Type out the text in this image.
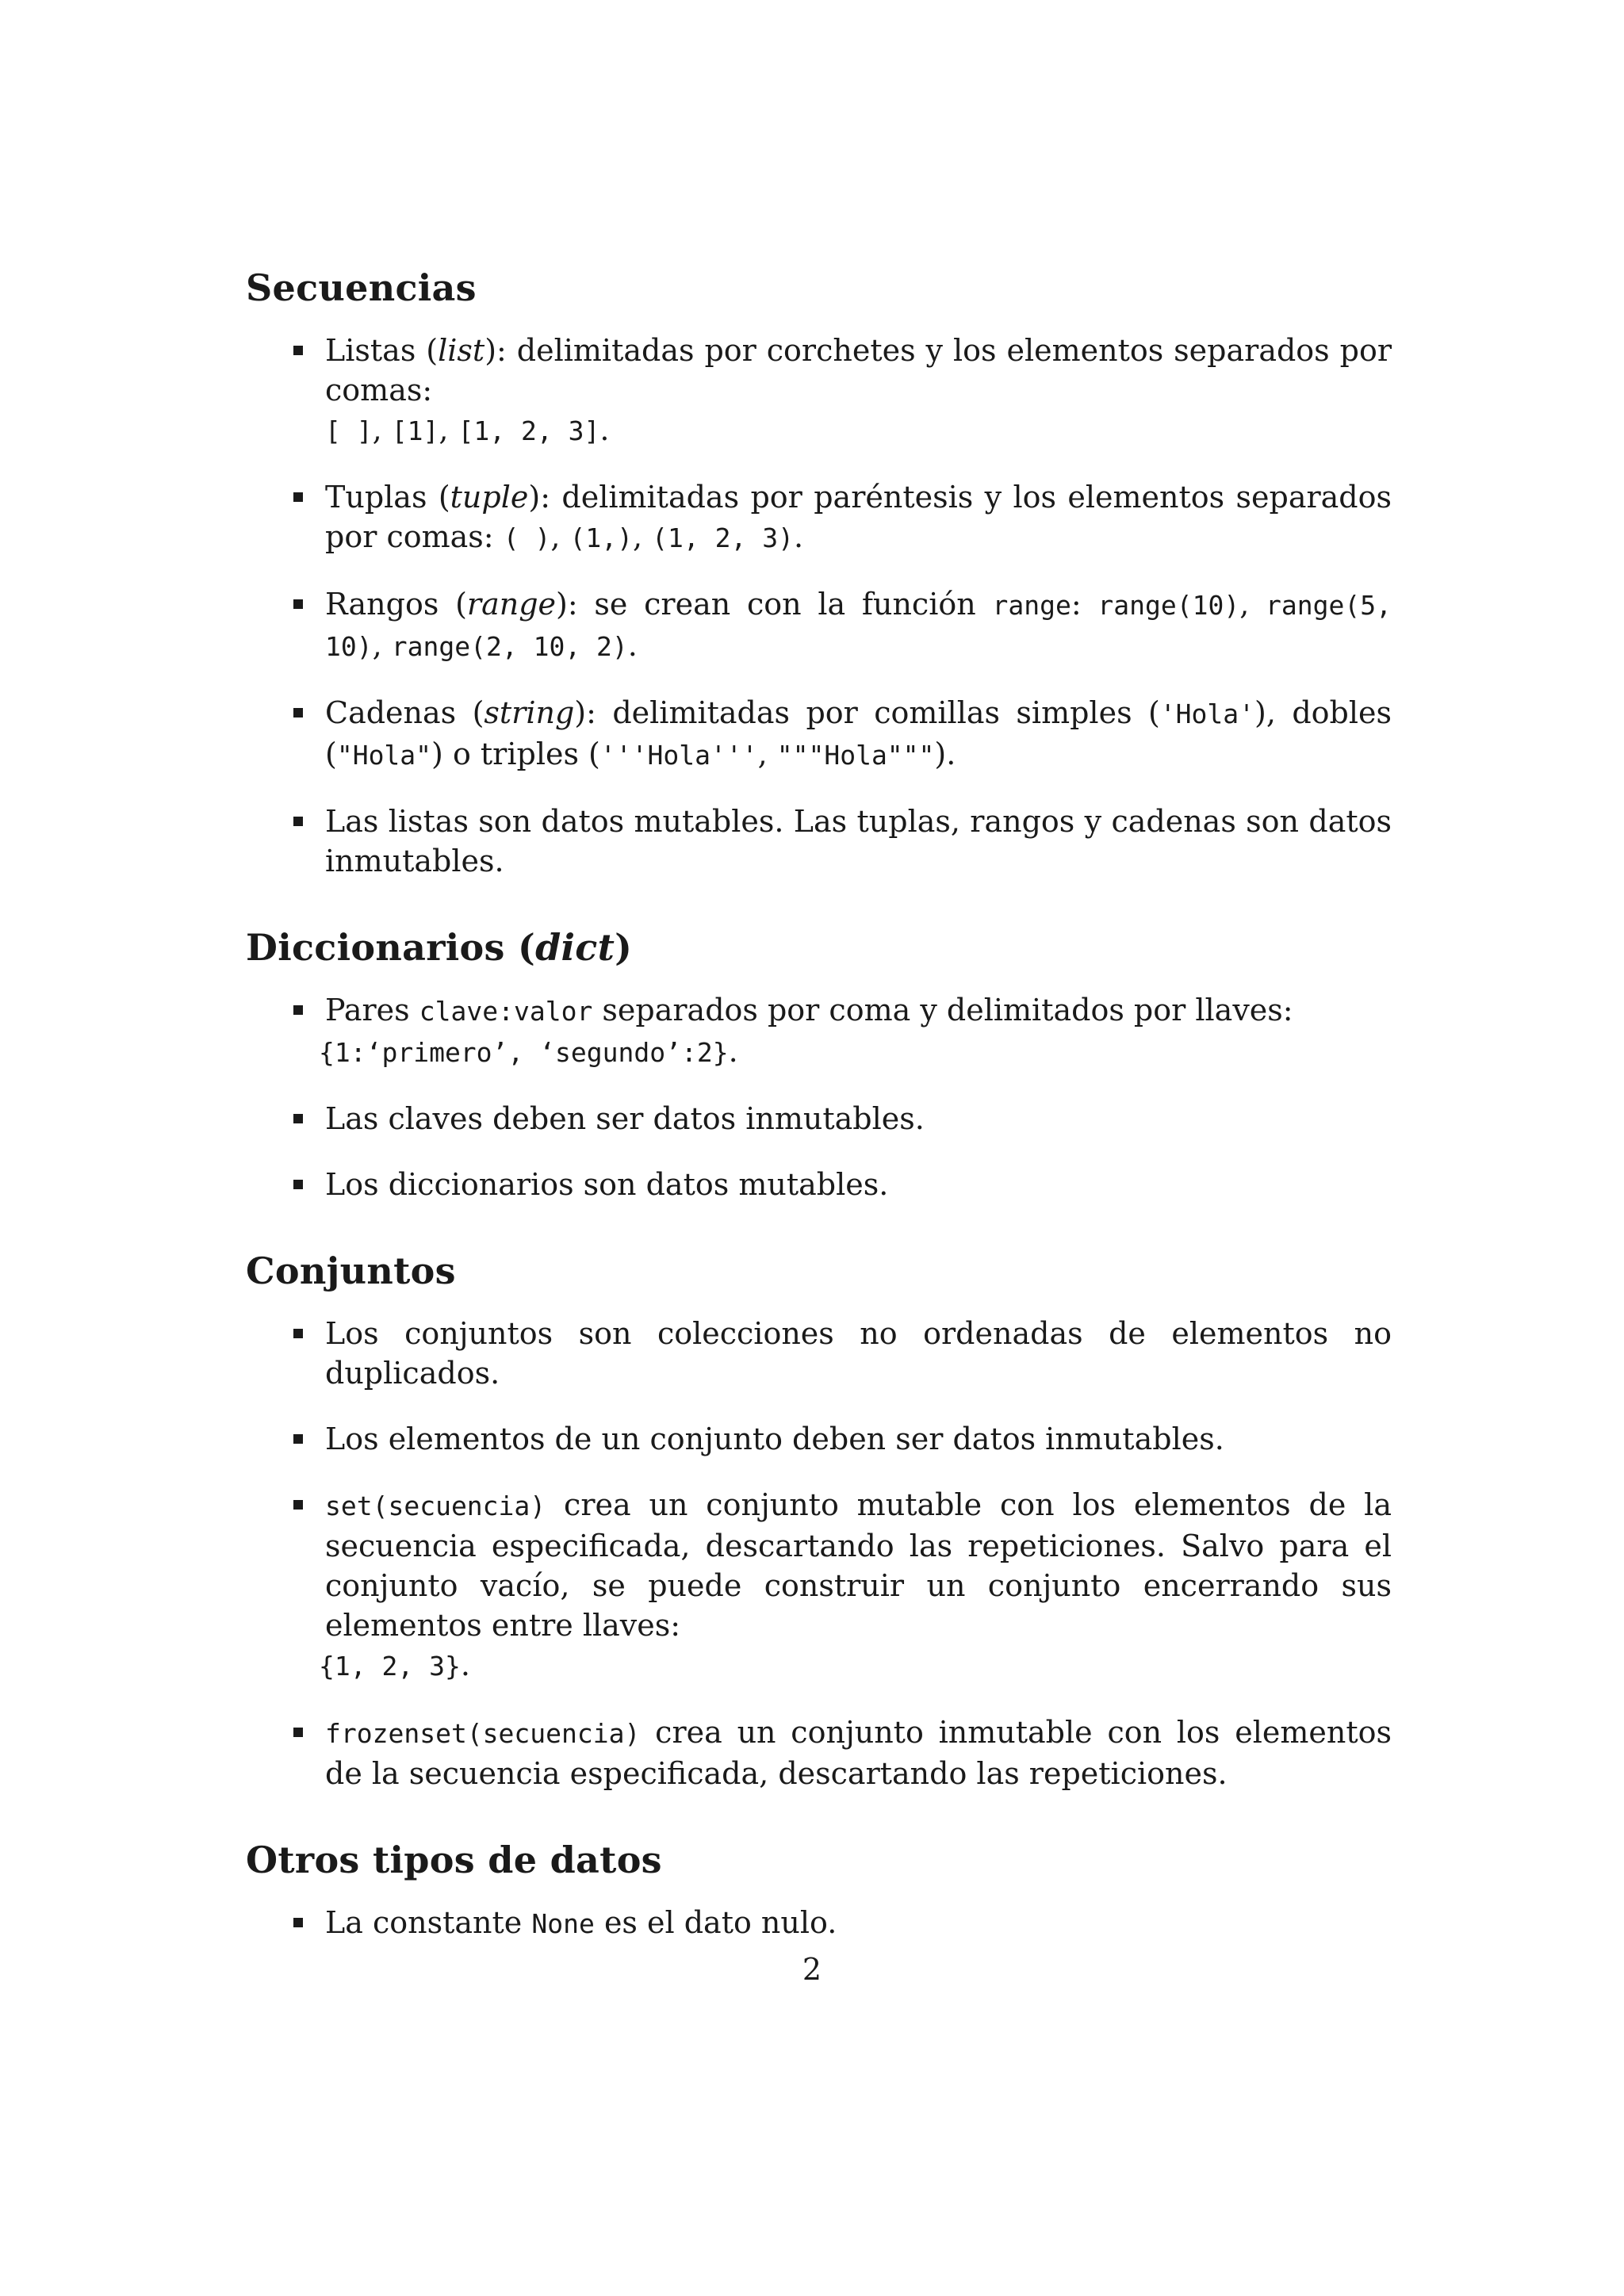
Secuencias
Listas (list): delimitadas por corchetes y los elementos separados por comas:
[ ], [1], [1, 2, 3].
Tuplas (tuple): delimitadas por paréntesis y los elementos separados por comas: ( ), (1,), (1, 2, 3).
Rangos (range): se crean con la función range: range(10), range(5, 10), range(2, 10, 2).
Cadenas (string): delimitadas por comillas simples ('Hola'), dobles ("Hola") o triples ('''Hola''', """Hola""").
Las listas son datos mutables. Las tuplas, rangos y cadenas son datos inmutables.
Diccionarios (dict)
Pares clave:valor separados por coma y delimitados por llaves:
{1:‘primero’, ‘segundo’:2}.
Las claves deben ser datos inmutables.
Los diccionarios son datos mutables.
Conjuntos
Los conjuntos son colecciones no ordenadas de elementos no duplicados.
Los elementos de un conjunto deben ser datos inmutables.
set(secuencia) crea un conjunto mutable con los elementos de la secuencia especificada, descartando las repeticiones. Salvo para el conjunto vacío, se puede construir un conjunto encerrando sus elementos entre llaves:
{1, 2, 3}.
frozenset(secuencia) crea un conjunto inmutable con los elementos de la secuencia especificada, descartando las repeticiones.
Otros tipos de datos
La constante None es el dato nulo.
2
